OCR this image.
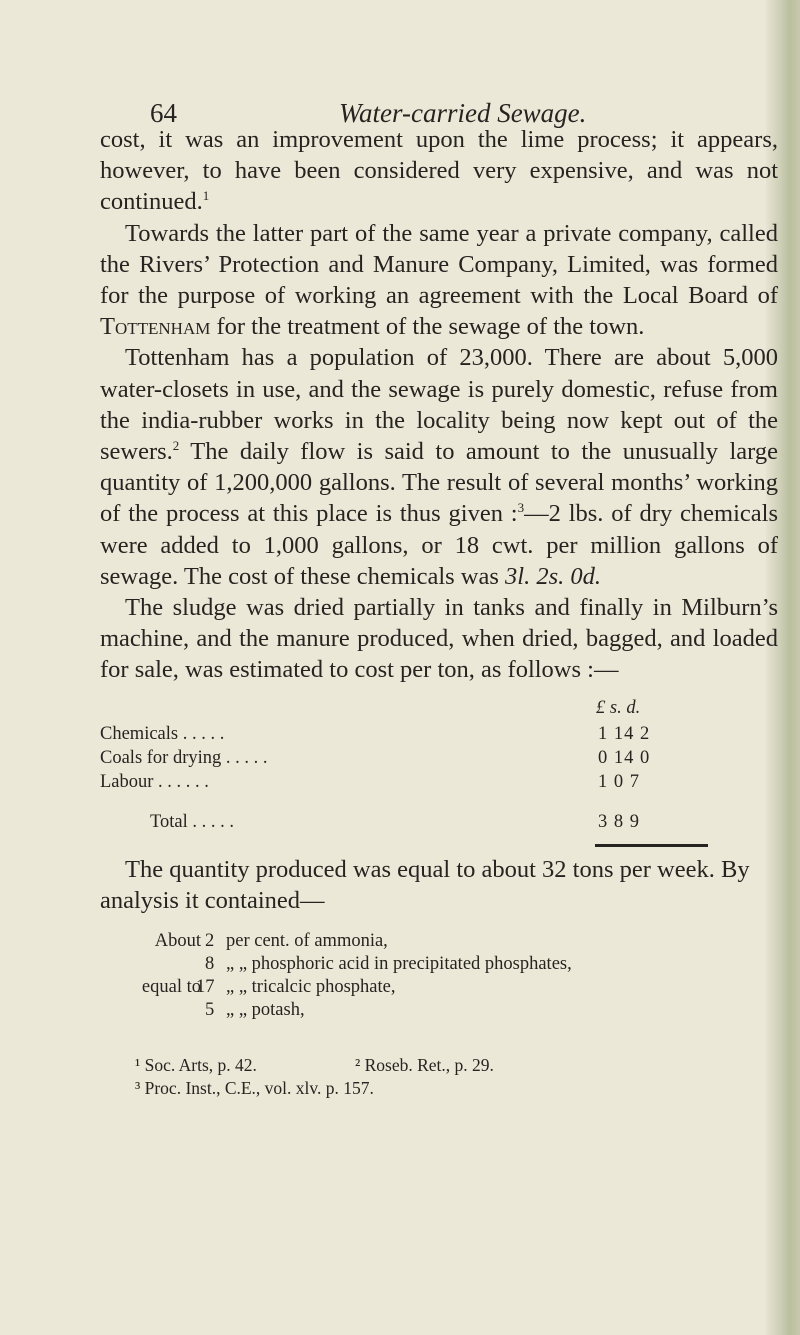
64	Water-carried Sewage.

cost, it was an improvement upon the lime process; it appears, however, to have been considered very expensive, and was not continued.$^1$

Towards the latter part of the same year a private company, called the Rivers’ Protection and Manure Company, Limited, was formed for the purpose of working an agreement with the Local Board of Tottenham for the treatment of the sewage of the town.

Tottenham has a population of 23,000. There are about 5,000 water-closets in use, and the sewage is purely domestic, refuse from the india-rubber works in the locality being now kept out of the sewers.$^2$ The daily flow is said to amount to the unusually large quantity of 1,200,000 gallons. The result of several months’ working of the process at this place is thus given :$^3$—2 lbs. of dry chemicals were added to 1,000 gallons, or 18 cwt. per million gallons of sewage. The cost of these chemicals was 3l. 2s. 0d.

The sludge was dried partially in tanks and finally in Milburn’s machine, and the manure produced, when dried, bagged, and loaded for sale, was estimated to cost per ton, as follows :—

£ s. d.
Chemicals . . . . .	1 14 2
Coals for drying . . . . .	0 14 0
Labour . . . . . .	1 0 7
Total . . . . .	3 8 9

The quantity produced was equal to about 32 tons per week. By analysis it contained—

About 2 per cent. of ammonia,
8 „ „ phosphoric acid in precipitated phosphates,
equal to
17 „ „ tricalcic phosphate,
5 „ „ potash,
¹ Soc. Arts, p. 42.	² Roseb. Ret., p. 29.
³ Proc. Inst., C.E., vol. xlv. p. 157.
